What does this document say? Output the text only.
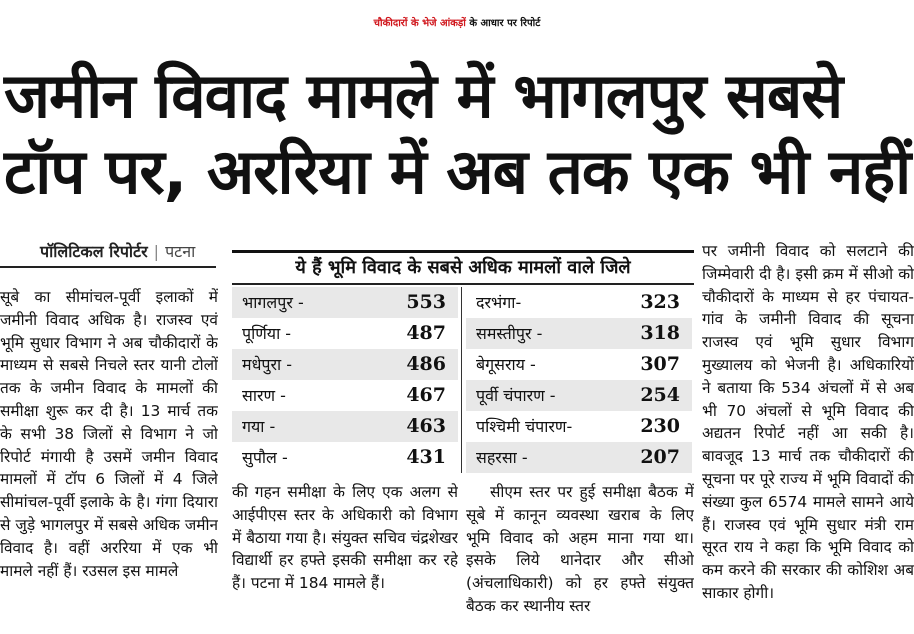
चौकीदारों के भेजे आंकड़ों के आधार पर रिपोर्ट
जमीन विवाद मामले में भागलपुर सबसे
टॉप पर, अररिया में अब तक एक भी नहीं
पॉलिटिकल रिपोर्टर | पटना

सूबे का सीमांचल-पूर्वी इलाकों में जमीनी विवाद अधिक है। राजस्व एवं भूमि सुधार विभाग ने अब चौकीदारों के माध्यम से सबसे निचले स्तर यानी टोलों तक के जमीन विवाद के मामलों की समीक्षा शुरू कर दी है। 13 मार्च तक के सभी 38 जिलों से विभाग ने जो रिपोर्ट मंगायी है उसमें जमीन विवाद मामलों में टॉप 6 जिलों में 4 जिले सीमांचल-पूर्वी इलाके के है। गंगा दियारा से जुड़े भागलपुर में सबसे अधिक जमीन विवाद है। वहीं अररिया में एक भी मामले नहीं हैं। रउसल इस मामले

ये हैं भूमि विवाद के सबसे अधिक मामलों वाले जिले
भागलपुर -	553
पूर्णिया -	487
मधेपुरा -	486
सारण -	467
गया -	463
सुपौल -	431
दरभंगा-	323
समस्तीपुर -	318
बेगूसराय -	307
पूर्वी चंपारण -	254
पश्चिमी चंपारण-	230
सहरसा -	207

की गहन समीक्षा के लिए एक अलग से आईपीएस स्तर के अधिकारी को विभाग में बैठाया गया है। संयुक्त सचिव चंद्रशेखर विद्यार्थी हर हफ्ते इसकी समीक्षा कर रहे हैं। पटना में 184 मामले हैं।

सीएम स्तर पर हुई समीक्षा बैठक में सूबे में कानून व्यवस्था खराब के लिए भूमि विवाद को अहम माना गया था। इसके लिये थानेदार और सीओ (अंचलाधिकारी) को हर हफ्ते संयुक्त बैठक कर स्थानीय स्तर

पर जमीनी विवाद को सलटाने की जिम्मेवारी दी है। इसी क्रम में सीओ को चौकीदारों के माध्यम से हर पंचायत-गांव के जमीनी विवाद की सूचना राजस्व एवं भूमि सुधार विभाग मुख्यालय को भेजनी है। अधिकारियों ने बताया कि 534 अंचलों में से अब भी 70 अंचलों से भूमि विवाद की अद्यतन रिपोर्ट नहीं आ सकी है। बावजूद 13 मार्च तक चौकीदारों की सूचना पर पूरे राज्य में भूमि विवादों की संख्या कुल 6574 मामले सामने आये हैं। राजस्व एवं भूमि सुधार मंत्री राम सूरत राय ने कहा कि भूमि विवाद को कम करने की सरकार की कोशिश अब साकार होगी।
